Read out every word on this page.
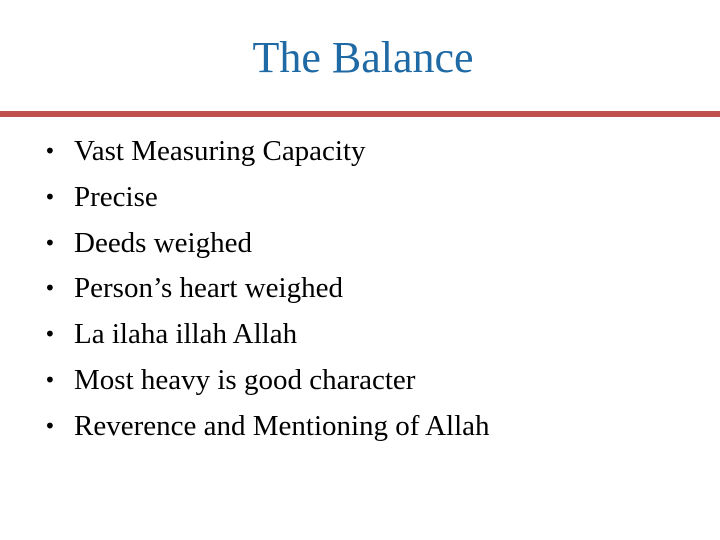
The Balance
• Vast Measuring Capacity
• Precise
• Deeds weighed
• Person’s heart weighed
• La ilaha illah Allah
• Most heavy is good character
• Reverence and Mentioning of Allah
